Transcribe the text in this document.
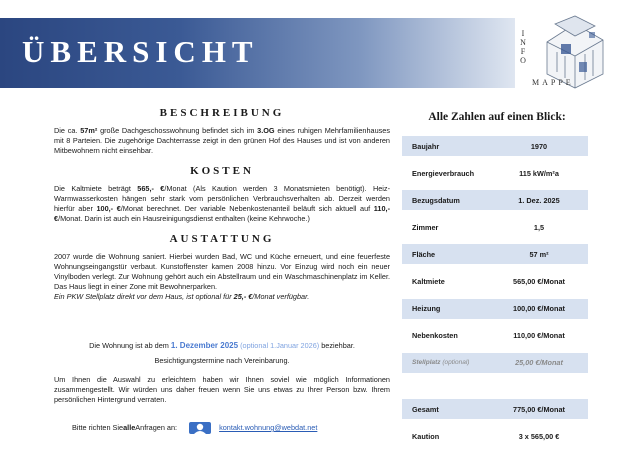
ÜBERSICHT
I
N
F
O
MAPPE
BESCHREIBUNG

Die ca. 57m² große Dachgeschosswohnung befindet sich im 3.OG eines ruhigen Mehrfamilienhauses mit 8 Parteien. Die zugehörige Dachterrasse zeigt in den grünen Hof des Hauses und ist von anderen Mitbewohnern nicht einsehbar.

KOSTEN

Die Kaltmiete beträgt 565,- €/Monat (Als Kaution werden 3 Monatsmieten benötigt). Heiz- Warmwasserkosten hängen sehr stark vom persönlichen Verbrauchsverhalten ab. Derzeit werden hierfür aber 100,- €/Monat berechnet. Der variable Nebenkostenanteil beläuft sich aktuell auf 110,- €/Monat. Darin ist auch ein Hausreinigungsdienst enthalten (keine Kehrwoche.)

AUSTATTUNG

2007 wurde die Wohnung saniert. Hierbei wurden Bad, WC und Küche erneuert, und eine feuerfeste Wohnungseingangstür verbaut. Kunstoffenster kamen 2008 hinzu. Vor Einzug wird noch ein neuer Vinylboden verlegt. Zur Wohnung gehört auch ein Abstellraum und ein Waschmaschinenplatz im Keller. Das Haus liegt in einer Zone mit Bewohnerparken.

Ein PKW Stellplatz direkt vor dem Haus, ist optional für 25,- €/Monat verfügbar.

Die Wohnung ist ab dem 1. Dezember 2025 (optional 1.Januar 2026) beziehbar.
Besichtigungstermine nach Vereinbarung.

Um Ihnen die Auswahl zu erleichtern haben wir Ihnen soviel wie möglich Informationen zusammengestellt. Wir würden uns daher freuen wenn Sie uns etwas zu Ihrer Person bzw. Ihrem persönlichen Hintergrund verraten.

Bitte richten Sie alle Anfragen an:	kontakt.wohnung@webdat.net
Alle Zahlen auf einen Blick:
Baujahr	1970
Energieverbrauch	115 kW/m²a
Bezugsdatum	1. Dez. 2025
Zimmer	1,5
Fläche	57 m²
Kaltmiete	565,00 €/Monat
Heizung	100,00 €/Monat
Nebenkosten	110,00 €/Monat
Stellplatz (optional)	25,00 €/Monat
Gesamt	775,00 €/Monat
Kaution	3 x 565,00 €
